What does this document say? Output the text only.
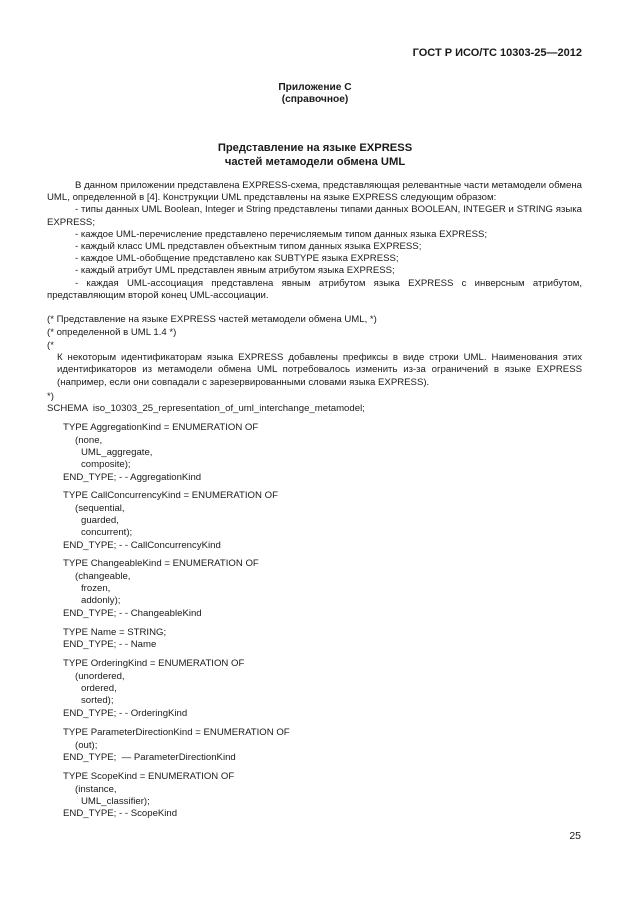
ГОСТ Р ИСО/ТС 10303-25—2012
Приложение С
(справочное)
Представление на языке EXPRESS
частей метамодели обмена UML

В данном приложении представлена EXPRESS-схема, представляющая релевантные части метамодели обмена UML, определенной в [4]. Конструкции UML представлены на языке EXPRESS следующим образом:

- типы данных UML Boolean, Integer и String представлены типами данных BOOLEAN, INTEGER и STRING языка EXPRESS;

- каждое UML-перечисление представлено перечисляемым типом данных языка EXPRESS;

- каждый класс UML представлен объектным типом данных языка EXPRESS;

- каждое UML-обобщение представлено как SUBTYPE языка EXPRESS;

- каждый атрибут UML представлен явным атрибутом языка EXPRESS;

- каждая UML-ассоциация представлена явным атрибутом языка EXPRESS с инверсным атрибутом, представляющим второй конец UML-ассоциации.

(* Представление на языке EXPRESS частей метамодели обмена UML, *)
(* определенной в UML 1.4 *)
(*
К некоторым идентификаторам языка EXPRESS добавлены префиксы в виде строки UML. Наименования этих идентификаторов из метамодели обмена UML потребовалось изменить из-за ограничений в языке EXPRESS (например, если они совпадали с зарезервированными словами языка EXPRESS).
*)
SCHEMA  iso_10303_25_representation_of_uml_interchange_metamodel;
TYPE AggregationKind = ENUMERATION OF
(none,
UML_aggregate,
composite);
END_TYPE; - - AggregationKind
TYPE CallConcurrencyKind = ENUMERATION OF
(sequential,
guarded,
concurrent);
END_TYPE; - - CallConcurrencyKind
TYPE ChangeableKind = ENUMERATION OF
(changeable,
frozen,
addonly);
END_TYPE; - - ChangeableKind
TYPE Name = STRING;
END_TYPE; - - Name
TYPE OrderingKind = ENUMERATION OF
(unordered,
ordered,
sorted);
END_TYPE; - - OrderingKind
TYPE ParameterDirectionKind = ENUMERATION OF
(out);
END_TYPE;  — ParameterDirectionKind
TYPE ScopeKind = ENUMERATION OF
(instance,
UML_classifier);
END_TYPE; - - ScopeKind
25
